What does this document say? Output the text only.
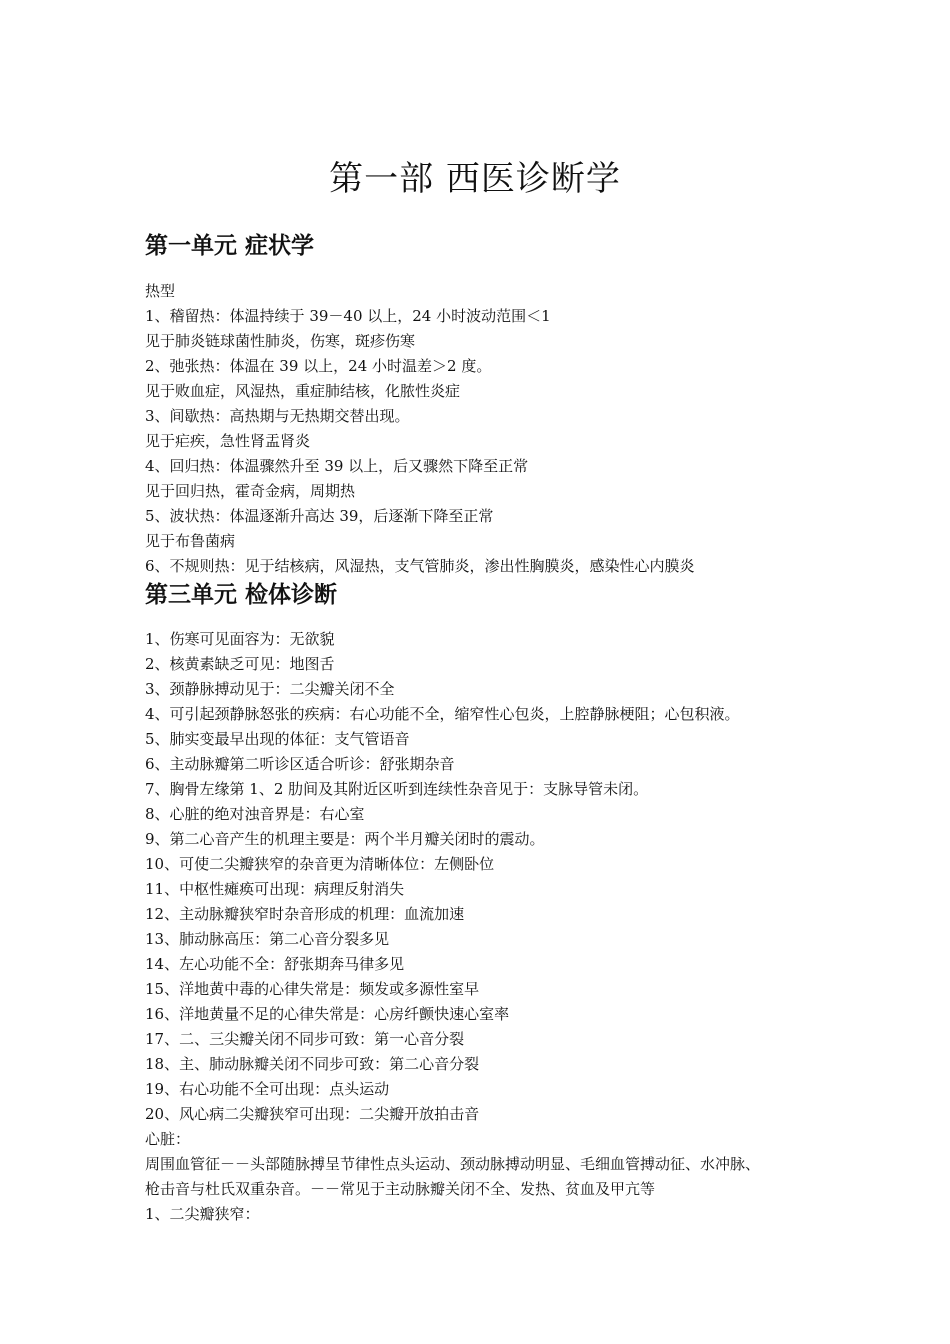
第一部 西医诊断学
第一单元 症状学
热型
1、稽留热：体温持续于 39－40 以上，24 小时波动范围＜1
见于肺炎链球菌性肺炎，伤寒，斑疹伤寒
2、弛张热：体温在 39 以上，24 小时温差＞2 度。
见于败血症，风湿热，重症肺结核，化脓性炎症
3、间歇热：高热期与无热期交替出现。
见于疟疾，急性肾盂肾炎
4、回归热：体温骤然升至 39 以上，后又骤然下降至正常
见于回归热，霍奇金病，周期热
5、波状热：体温逐渐升高达 39，后逐渐下降至正常
见于布鲁菌病
6、不规则热：见于结核病，风湿热，支气管肺炎，渗出性胸膜炎，感染性心内膜炎
第三单元 检体诊断
1、伤寒可见面容为：无欲貌
2、核黄素缺乏可见：地图舌
3、颈静脉搏动见于：二尖瓣关闭不全
4、可引起颈静脉怒张的疾病：右心功能不全，缩窄性心包炎，上腔静脉梗阻；心包积液。
5、肺实变最早出现的体征：支气管语音
6、主动脉瓣第二听诊区适合听诊：舒张期杂音
7、胸骨左缘第 1、2 肋间及其附近区听到连续性杂音见于：支脉导管未闭。
8、心脏的绝对浊音界是：右心室
9、第二心音产生的机理主要是：两个半月瓣关闭时的震动。
10、可使二尖瓣狭窄的杂音更为清晰体位：左侧卧位
11、中枢性瘫痪可出现：病理反射消失
12、主动脉瓣狭窄时杂音形成的机理：血流加速
13、肺动脉高压：第二心音分裂多见
14、左心功能不全：舒张期奔马律多见
15、洋地黄中毒的心律失常是：频发或多源性室早
16、洋地黄量不足的心律失常是：心房纤颤快速心室率
17、二、三尖瓣关闭不同步可致：第一心音分裂
18、主、肺动脉瓣关闭不同步可致：第二心音分裂
19、右心功能不全可出现：点头运动
20、风心病二尖瓣狭窄可出现：二尖瓣开放拍击音
心脏：
周围血管征－－头部随脉搏呈节律性点头运动、颈动脉搏动明显、毛细血管搏动征、水冲脉、
枪击音与杜氏双重杂音。－－常见于主动脉瓣关闭不全、发热、贫血及甲亢等
1、二尖瓣狭窄：
